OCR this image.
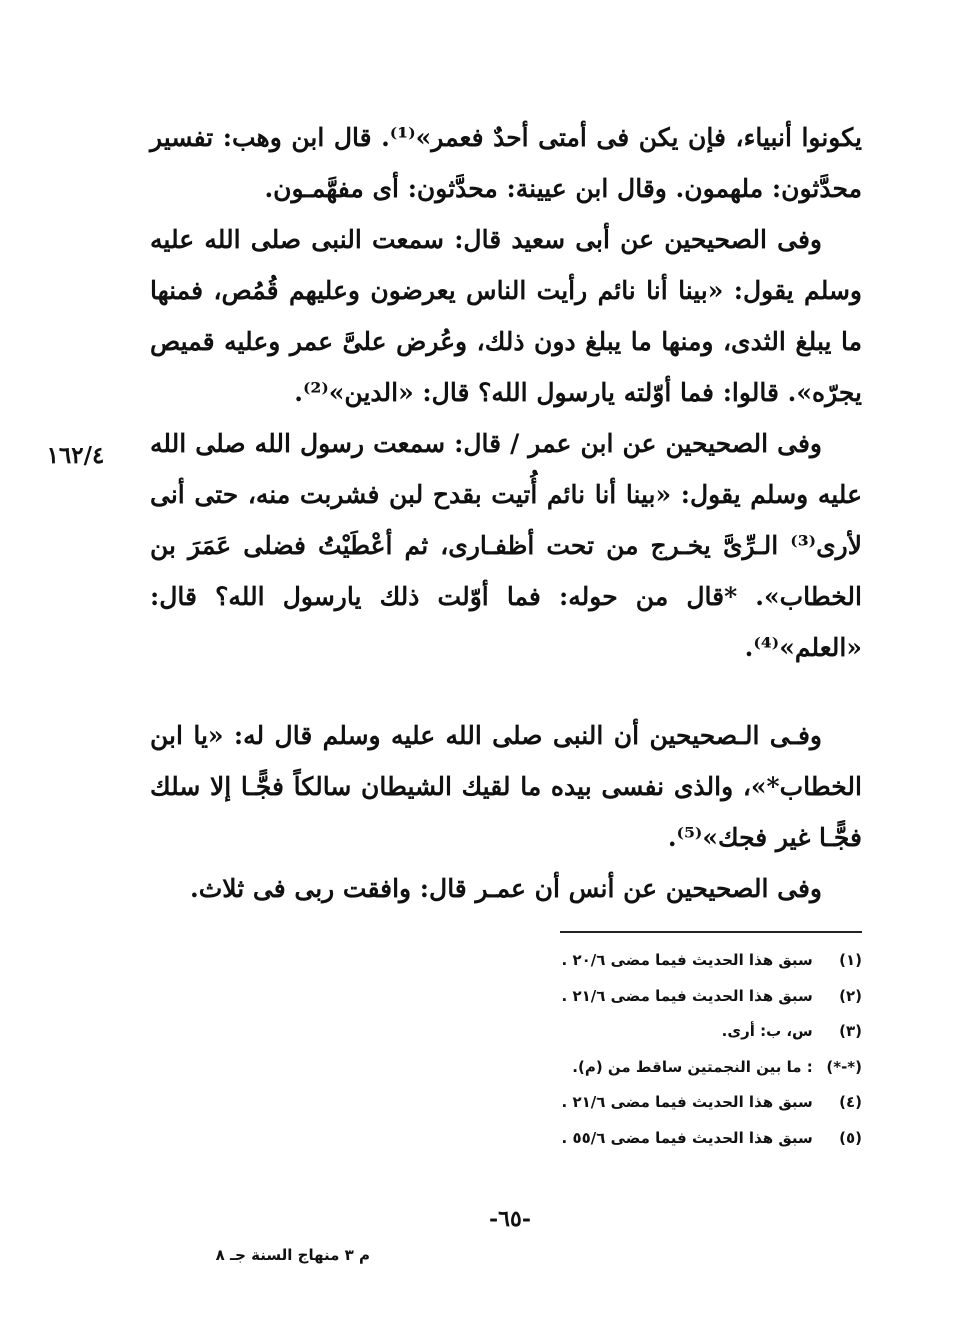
يكونوا أنبياء، فإن يكن فى أمتى أحدٌ فعمر»⁽¹⁾. قال ابن وهب: تفسير محدَّثون: ملهمون. وقال ابن عيينة: محدَّثون: أى مفهَّمـون.

وفى الصحيحين عن أبى سعيد قال: سمعت النبى صلى الله عليه وسلم يقول: «بينا أنا نائم رأيت الناس يعرضون وعليهم قُمُص، فمنها ما يبلغ الثدى، ومنها ما يبلغ دون ذلك، وعُرض علىَّ عمر وعليه قميص يجرّه». قالوا: فما أوّلته يارسول الله؟ قال: «الدين»⁽²⁾.

وفى الصحيحين عن ابن عمر / قال: سمعت رسول الله صلى الله عليه وسلم يقول: «بينا أنا نائم أُتيت بقدح لبن فشربت منه، حتى أنى لأرى⁽³⁾ الـرِّىَّ يخـرج من تحت أظفـارى، ثم أعْطَيْتُ فضلى عَمَرَ بن الخطاب». *قال من حوله: فما أوّلت ذلك يارسول الله؟ قال: «العلم»⁽⁴⁾.

١٦٢/٤

وفـى الـصحيحين أن النبى صلى الله عليه وسلم قال له: «يا ابن الخطاب*»، والذى نفسى بيده ما لقيك الشيطان سالكاً فجًّـا إلا سلك فجًّـا غير فجك»⁽⁵⁾.

وفى الصحيحين عن أنس أن عمـر قال: وافقت ربى فى ثلاث.

(١) سبق هذا الحديث فيما مضى ٢٠/٦ .
(٢) سبق هذا الحديث فيما مضى ٢١/٦ .
(٣) س، ب: أرى.
(*-*) : ما بين النجمتين ساقط من (م).
(٤) سبق هذا الحديث فيما مضى ٢١/٦ .
(٥) سبق هذا الحديث فيما مضى ٥٥/٦ .
-٦٥-
م ٣ منهاج السنة جـ ٨
